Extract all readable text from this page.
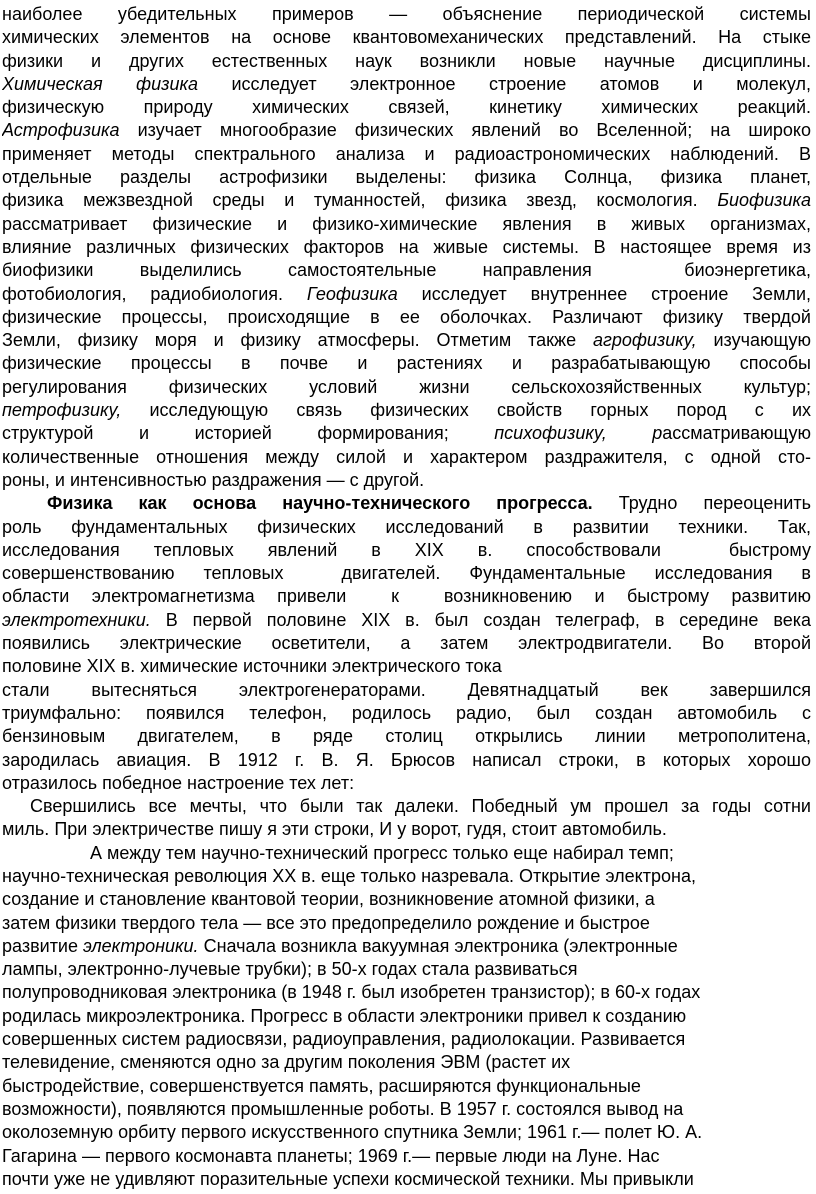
наиболее убедительных примеров — объяснение периодической системы
химических элементов на основе квантовомеханических представлений. На стыке
физики и других естественных наук возникли новые научные дисциплины.
Химическая физика исследует электронное строение атомов и молекул,
физическую природу химических связей, кинетику химических реакций.
Астрофизика изучает многообразие физических явлений во Вселенной; на широко
применяет методы спектрального анализа и радиоастрономических наблюдений. В
отдельные разделы астрофизики выделены: физика Солнца, физика планет,
физика межзвездной среды и туманностей, физика звезд, космология. Биофизика
рассматривает физические и физико-химические явления в живых организмах,
влияние различных физических факторов на живые системы. В настоящее время из
биофизики выделились самостоятельные направления  биоэнергетика,
фотобиология, радиобиология. Геофизика исследует внутреннее строение Земли,
физические процессы, происходящие в ее оболочках. Различают физику твердой
Земли, физику моря и физику атмосферы. Отметим также агрофизику, изучающую
физические процессы в почве и растениях и разрабатывающую способы
регулирования физических условий жизни сельскохозяйственных культур;
петрофизику, исследующую связь физических свойств горных пород с их
структурой и историей формирования; психофизику, рассматривающую
количественные отношения между силой и характером раздражителя, с одной сто-
роны, и интенсивностью раздражения — с другой.
Физика как основа научно-технического прогресса. Трудно переоценить
роль фундаментальных физических исследований в развитии техники. Так,
исследования тепловых явлений в XIX в. способствовали  быстрому
совершенствованию тепловых  двигателей. Фундаментальные исследования в
области электромагнетизма привели  к  возникновению и быстрому развитию
электротехники. В первой половине XIX в. был создан телеграф, в середине века
появились электрические осветители, а затем электродвигатели. Во второй
половине XIX в. химические источники электрического тока
стали вытесняться электрогенераторами. Девятнадцатый век завершился
триумфально: появился телефон, родилось радио, был создан автомобиль с
бензиновым двигателем, в ряде столиц открылись линии метрополитена,
зародилась авиация. В 1912 г. В. Я. Брюсов написал строки, в которых хорошо
отразилось победное настроение тех лет:
Свершились все мечты, что были так далеки. Победный ум прошел за годы сотни
миль. При электричестве пишу я эти строки, И у ворот, гудя, стоит автомобиль.
А между тем научно-технический прогресс только еще набирал темп;
научно-техническая революция XX в. еще только назревала. Открытие электрона,
создание и становление квантовой теории, возникновение атомной физики, а
затем физики твердого тела — все это предопределило рождение и быстрое
развитие электроники. Сначала возникла вакуумная электроника (электронные
лампы, электронно-лучевые трубки); в 50-х годах стала развиваться
полупроводниковая электроника (в 1948 г. был изобретен транзистор); в 60-х годах
родилась микроэлектроника. Прогресс в области электроники привел к созданию
совершенных систем радиосвязи, радиоуправления, радиолокации. Развивается
телевидение, сменяются одно за другим поколения ЭВМ (растет их
быстродействие, совершенствуется память, расширяются функциональные
возможности), появляются промышленные роботы. В 1957 г. состоялся вывод на
околоземную орбиту первого искусственного спутника Земли; 1961 г.— полет Ю. А.
Гагарина — первого космонавта планеты; 1969 г.— первые люди на Луне. Нас
почти уже не удивляют поразительные успехи космической техники. Мы привыкли
